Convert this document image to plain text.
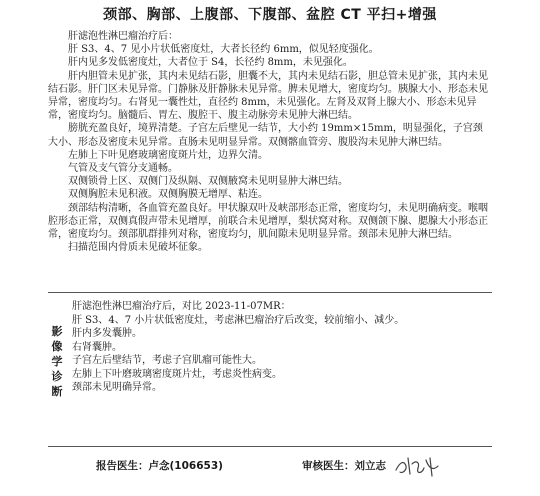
颈部、胸部、上腹部、下腹部、盆腔 CT 平扫+增强

肝滤泡性淋巴瘤治疗后：

肝 S3、4、7 见小片状低密度灶，大者长径约 6mm，似见轻度强化。

肝内见多发低密度灶，大者位于 S4，长径约 8mm，未见强化。

肝内胆管未见扩张，其内未见结石影，胆囊不大，其内未见结石影，胆总管未见扩张，其内未见结石影。肝门区未见异常。门静脉及肝静脉未见异常。脾未见增大，密度均匀。胰腺大小、形态未见异常，密度均匀。右肾见一囊性灶，直径约 8mm，未见强化。左肾及双肾上腺大小、形态未见异常，密度均匀。脑髓后、胃左、腹腔干、腹主动脉旁未见肿大淋巴结。

膀胱充盈良好，境界清楚。子宫左后壁见一结节，大小约 19mm×15mm，明显强化，子宫颈大小、形态及密度未见异常。直肠未见明显异常。双侧髂血管旁、腹股沟未见肿大淋巴结。

左肺上下叶见磨玻璃密度斑片灶，边界欠清。

气管及支气管分支通畅。

双侧锁骨上区、双侧门及纵隔、双侧腋窝未见明显肿大淋巴结。

双侧胸腔未见积液。双侧胸膜无增厚、粘连。

颈部结构清晰，各血管充盈良好。甲状腺双叶及峡部形态正常，密度均匀，未见明确病变。喉咽腔形态正常，双侧真假声带未见增厚，前联合未见增厚，梨状窝对称。双侧颌下腺、腮腺大小形态正常，密度均匀。颈部肌群排列对称，密度均匀，肌间隙未见明显异常。颈部未见肿大淋巴结。

扫描范围内骨质未见破坏征象。

影
像
学
诊
断

肝滤泡性淋巴瘤治疗后，对比 2023-11-07MR：

肝 S3、4、7 小片状低密度灶，考虑淋巴瘤治疗后改变，较前缩小、减少。

肝内多发囊肿。

右肾囊肿。

子宫左后壁结节，考虑子宫肌瘤可能性大。

左肺上下叶磨玻璃密度斑片灶，考虑炎性病变。

颈部未见明确异常。

报告医生：卢念(106653)	审核医生：刘立志
